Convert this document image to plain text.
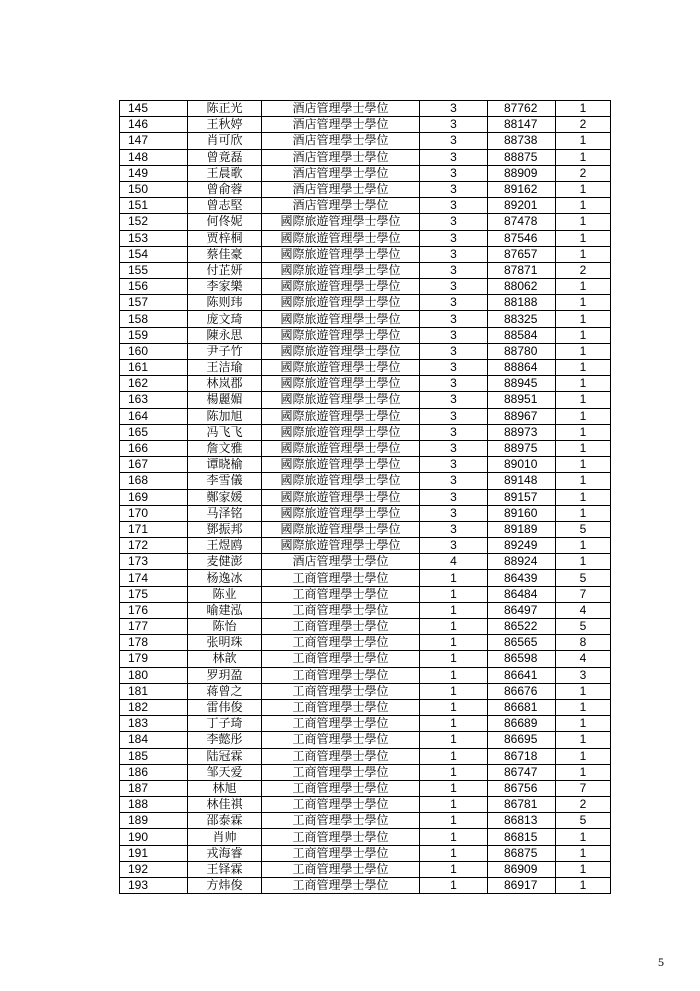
145	陈正光	酒店管理學士學位	3	87762	1
146	王秋婷	酒店管理學士學位	3	88147	2
147	肖可欣	酒店管理學士學位	3	88738	1
148	曾竟磊	酒店管理學士學位	3	88875	1
149	王晨歌	酒店管理學士學位	3	88909	2
150	曾俞蓉	酒店管理學士學位	3	89162	1
151	曾志堅	酒店管理學士學位	3	89201	1
152	何佟妮	國際旅遊管理學士學位	3	87478	1
153	贾梓桐	國際旅遊管理學士學位	3	87546	1
154	蔡佳豪	國際旅遊管理學士學位	3	87657	1
155	付芷妍	國際旅遊管理學士學位	3	87871	2
156	李家樂	國際旅遊管理學士學位	3	88062	1
157	陈则玮	國際旅遊管理學士學位	3	88188	1
158	庞文琦	國際旅遊管理學士學位	3	88325	1
159	陳永思	國際旅遊管理學士學位	3	88584	1
160	尹子竹	國際旅遊管理學士學位	3	88780	1
161	王洁瑜	國際旅遊管理學士學位	3	88864	1
162	林岚郡	國際旅遊管理學士學位	3	88945	1
163	楊麗媚	國際旅遊管理學士學位	3	88951	1
164	陈加旭	國際旅遊管理學士學位	3	88967	1
165	冯飞飞	國際旅遊管理學士學位	3	88973	1
166	詹文雅	國際旅遊管理學士學位	3	88975	1
167	谭晓榆	國際旅遊管理學士學位	3	89010	1
168	李雪儀	國際旅遊管理學士學位	3	89148	1
169	鄭家媛	國際旅遊管理學士學位	3	89157	1
170	马泽铭	國際旅遊管理學士學位	3	89160	1
171	鄧振邦	國際旅遊管理學士學位	3	89189	5
172	王煜鸥	國際旅遊管理學士學位	3	89249	1
173	麦健澎	酒店管理學士學位	4	88924	1
174	杨逸冰	工商管理學士學位	1	86439	5
175	陈业	工商管理學士學位	1	86484	7
176	喻建泓	工商管理學士學位	1	86497	4
177	陈怡	工商管理學士學位	1	86522	5
178	张明珠	工商管理學士學位	1	86565	8
179	林歆	工商管理學士學位	1	86598	4
180	罗玥盈	工商管理學士學位	1	86641	3
181	蒋曾之	工商管理學士學位	1	86676	1
182	雷伟俊	工商管理學士學位	1	86681	1
183	丁子琦	工商管理學士學位	1	86689	1
184	李懿彤	工商管理學士學位	1	86695	1
185	陆冠霖	工商管理學士學位	1	86718	1
186	邹天爱	工商管理學士學位	1	86747	1
187	林旭	工商管理學士學位	1	86756	7
188	林佳祺	工商管理學士學位	1	86781	2
189	邵泰霖	工商管理學士學位	1	86813	5
190	肖帅	工商管理學士學位	1	86815	1
191	戎海睿	工商管理學士學位	1	86875	1
192	王铎霖	工商管理學士學位	1	86909	1
193	方炜俊	工商管理學士學位	1	86917	1
5
